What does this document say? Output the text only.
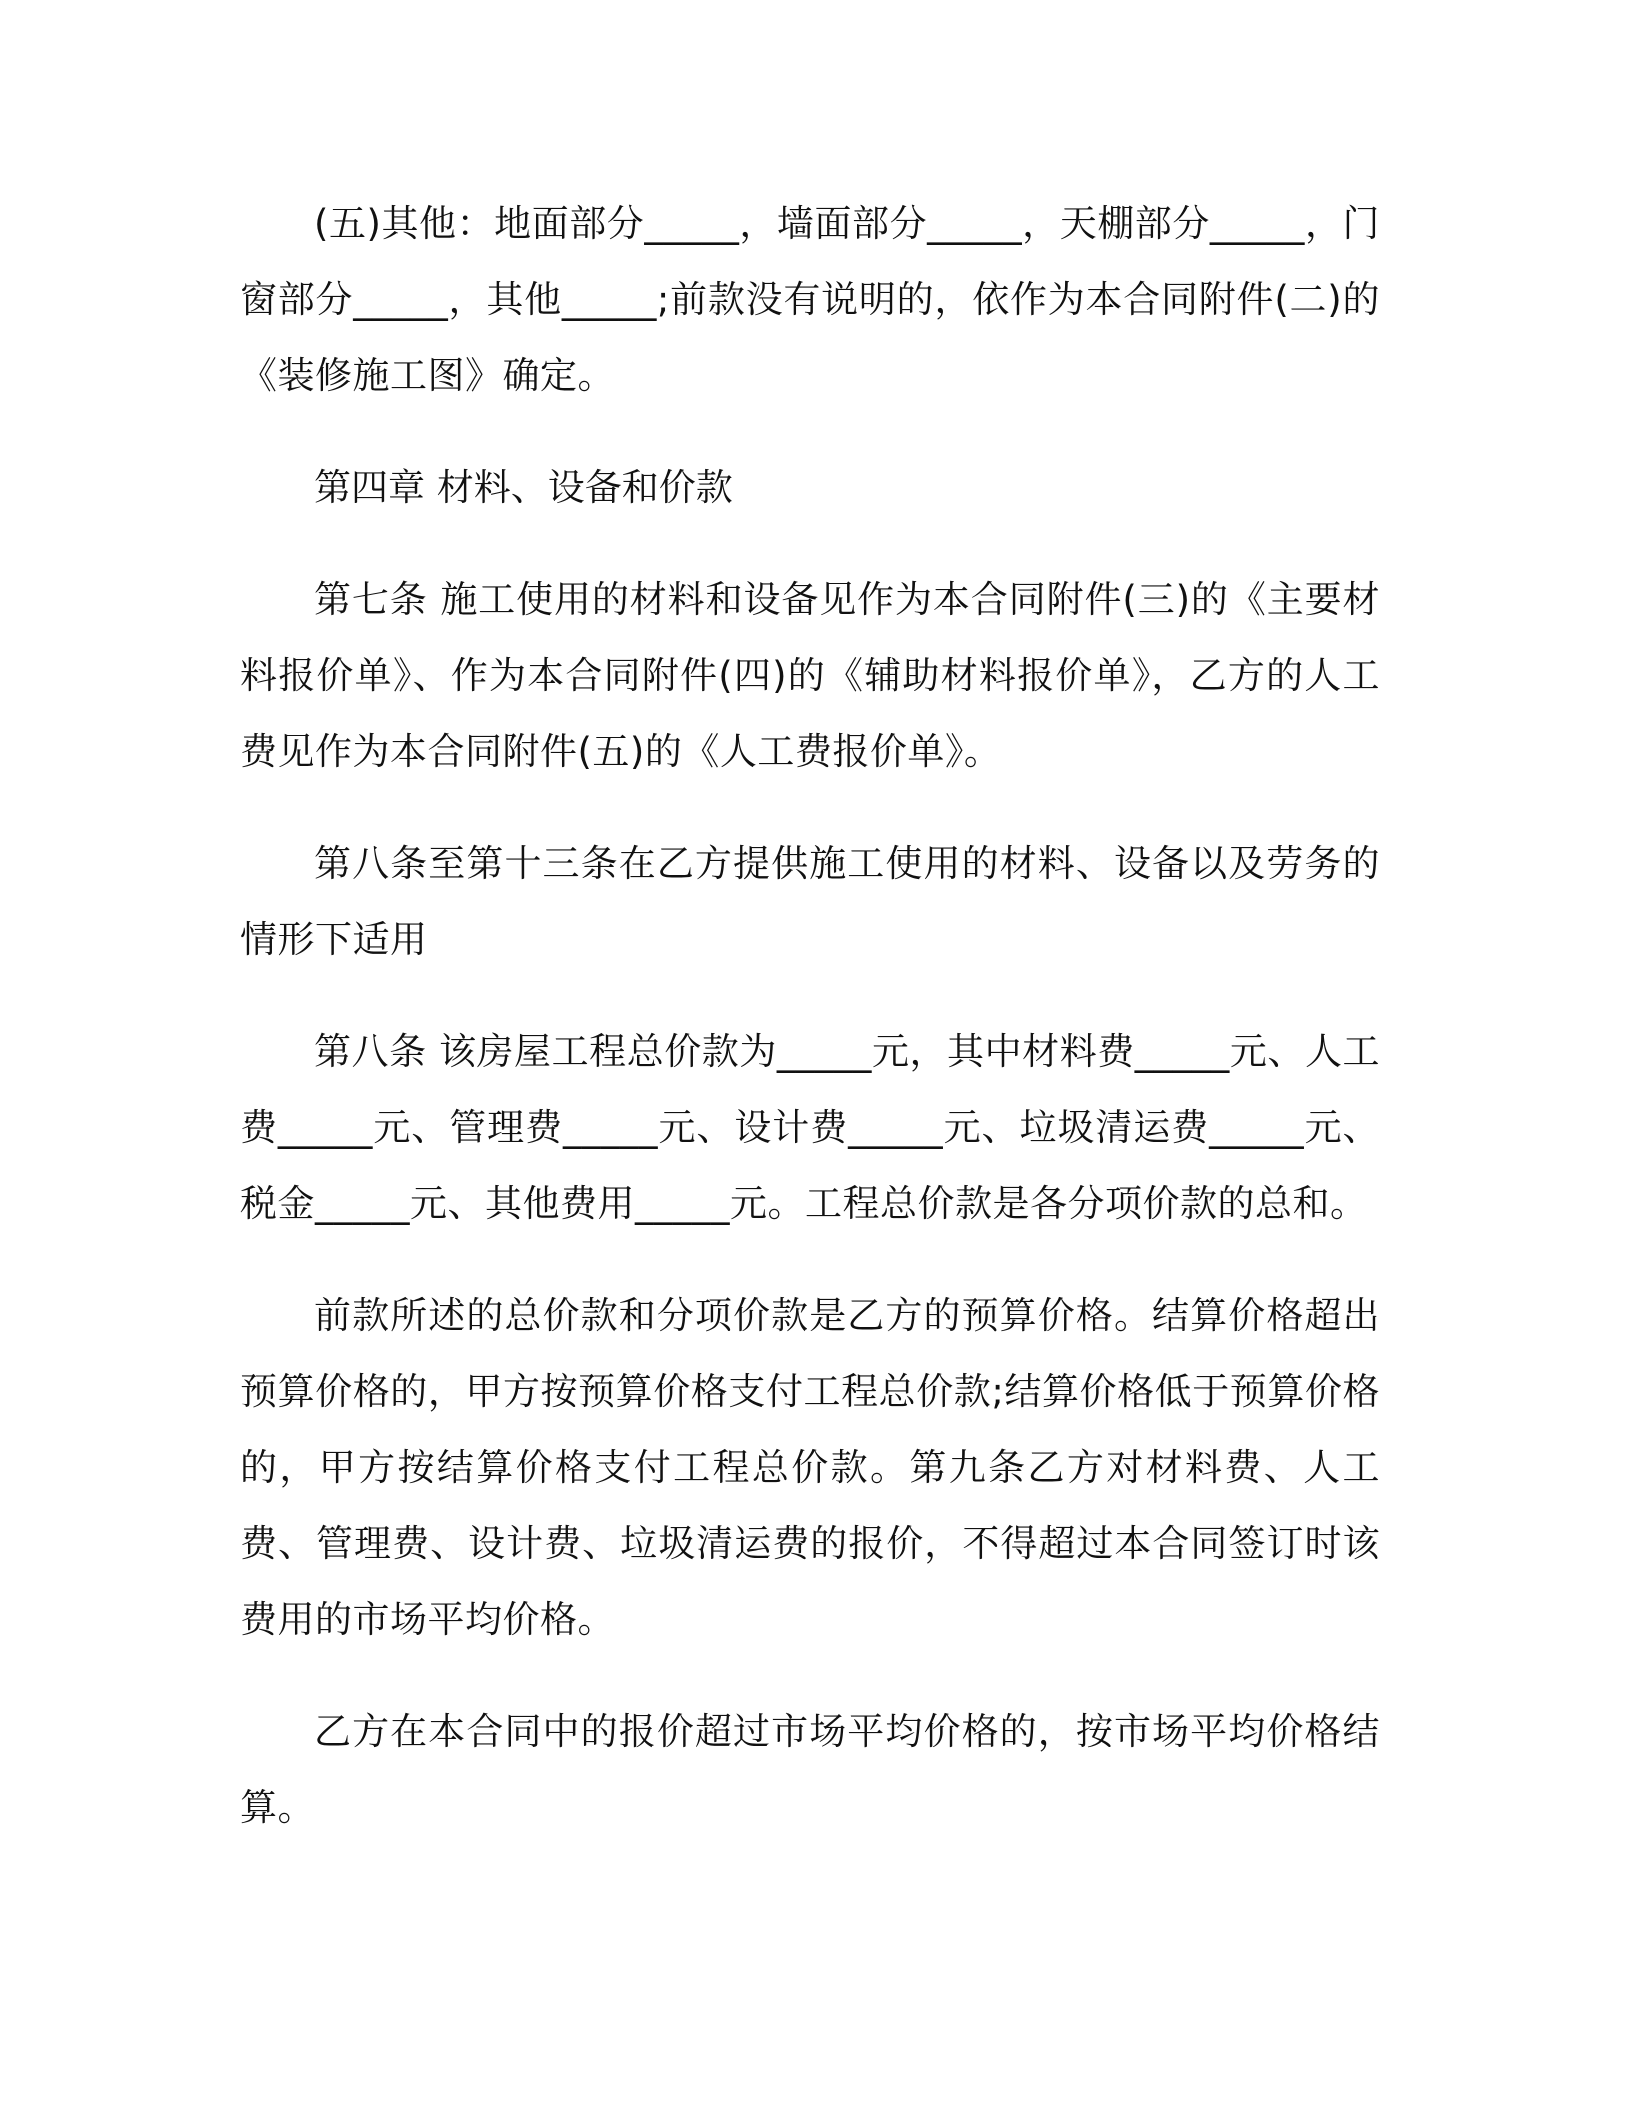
(五)其他：地面部分_____，墙面部分_____，天棚部分_____，门窗部分_____，其他_____;前款没有说明的，依作为本合同附件(二)的《装修施工图》确定。

第四章 材料、设备和价款

第七条 施工使用的材料和设备见作为本合同附件(三)的《主要材料报价单》、作为本合同附件(四)的《辅助材料报价单》，乙方的人工费见作为本合同附件(五)的《人工费报价单》。

第八条至第十三条在乙方提供施工使用的材料、设备以及劳务的情形下适用

第八条 该房屋工程总价款为_____元，其中材料费_____元、人工费_____元、管理费_____元、设计费_____元、垃圾清运费_____元、税金_____元、其他费用_____元。工程总价款是各分项价款的总和。

前款所述的总价款和分项价款是乙方的预算价格。结算价格超出预算价格的，甲方按预算价格支付工程总价款;结算价格低于预算价格的，甲方按结算价格支付工程总价款。第九条乙方对材料费、人工费、管理费、设计费、垃圾清运费的报价，不得超过本合同签订时该费用的市场平均价格。

乙方在本合同中的报价超过市场平均价格的，按市场平均价格结算。
